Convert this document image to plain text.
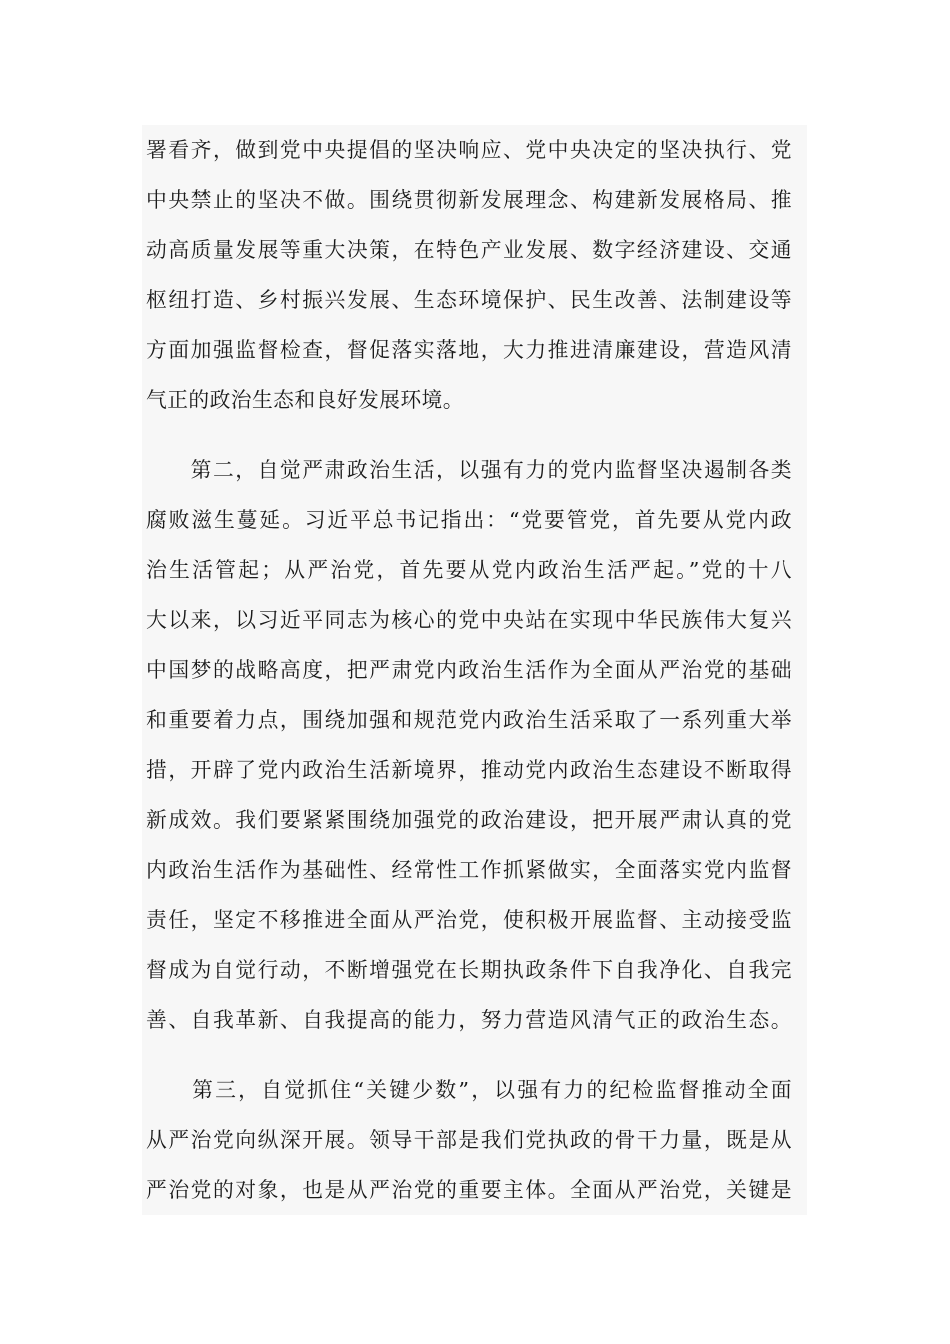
署看齐，做到党中央提倡的坚决响应、党中央决定的坚决执行、党
中央禁止的坚决不做。围绕贯彻新发展理念、构建新发展格局、推
动高质量发展等重大决策，在特色产业发展、数字经济建设、交通
枢纽打造、乡村振兴发展、生态环境保护、民生改善、法制建设等
方面加强监督检查，督促落实落地，大力推进清廉建设，营造风清
气正的政治生态和良好发展环境。
　　第二，自觉严肃政治生活，以强有力的党内监督坚决遏制各类
腐败滋生蔓延。习近平总书记指出：“党要管党，首先要从党内政
治生活管起；从严治党，首先要从党内政治生活严起。”党的十八
大以来，以习近平同志为核心的党中央站在实现中华民族伟大复兴
中国梦的战略高度，把严肃党内政治生活作为全面从严治党的基础
和重要着力点，围绕加强和规范党内政治生活采取了一系列重大举
措，开辟了党内政治生活新境界，推动党内政治生态建设不断取得
新成效。我们要紧紧围绕加强党的政治建设，把开展严肃认真的党
内政治生活作为基础性、经常性工作抓紧做实，全面落实党内监督
责任，坚定不移推进全面从严治党，使积极开展监督、主动接受监
督成为自觉行动，不断增强党在长期执政条件下自我净化、自我完
善、自我革新、自我提高的能力，努力营造风清气正的政治生态。
　　第三，自觉抓住“关键少数”，以强有力的纪检监督推动全面
从严治党向纵深开展。领导干部是我们党执政的骨干力量，既是从
严治党的对象，也是从严治党的重要主体。全面从严治党，关键是
